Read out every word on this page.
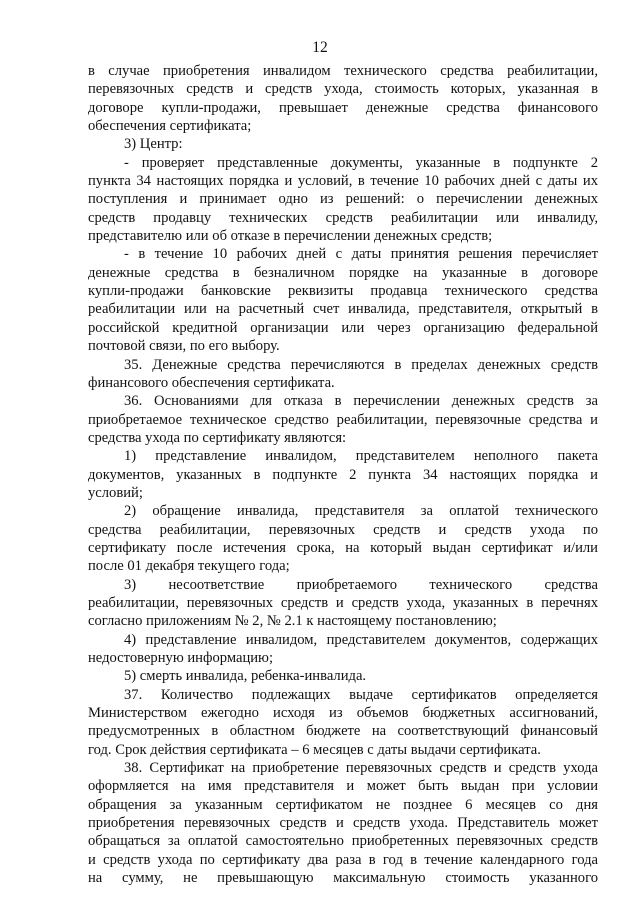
12
в случае приобретения инвалидом технического средства реабилитации,
перевязочных средств и средств ухода, стоимость которых, указанная в
договоре купли-продажи, превышает денежные средства финансового
обеспечения сертификата;
3) Центр:
- проверяет представленные документы, указанные в подпункте 2
пункта 34 настоящих порядка и условий, в течение 10 рабочих дней с даты их
поступления и принимает одно из решений: о перечислении денежных
средств продавцу технических средств реабилитации или инвалиду,
представителю или об отказе в перечислении денежных средств;
- в течение 10 рабочих дней с даты принятия решения перечисляет
денежные средства в безналичном порядке на указанные в договоре
купли-продажи банковские реквизиты продавца технического средства
реабилитации или на расчетный счет инвалида, представителя, открытый в
российской кредитной организации или через организацию федеральной
почтовой связи, по его выбору.
35. Денежные средства перечисляются в пределах денежных средств
финансового обеспечения сертификата.
36. Основаниями для отказа в перечислении денежных средств за
приобретаемое техническое средство реабилитации, перевязочные средства и
средства ухода по сертификату являются:
1) представление инвалидом, представителем неполного пакета
документов, указанных в подпункте 2 пункта 34 настоящих порядка и
условий;
2) обращение инвалида, представителя за оплатой технического
средства реабилитации, перевязочных средств и средств ухода по
сертификату после истечения срока, на который выдан сертификат и/или
после 01 декабря текущего года;
3) несоответствие приобретаемого технического средства
реабилитации, перевязочных средств и средств ухода, указанных в перечнях
согласно приложениям № 2, № 2.1 к настоящему постановлению;
4) представление инвалидом, представителем документов, содержащих
недостоверную информацию;
5) смерть инвалида, ребенка-инвалида.
37. Количество подлежащих выдаче сертификатов определяется
Министерством ежегодно исходя из объемов бюджетных ассигнований,
предусмотренных в областном бюджете на соответствующий финансовый
год. Срок действия сертификата – 6 месяцев с даты выдачи сертификата.
38. Сертификат на приобретение перевязочных средств и средств ухода
оформляется на имя представителя и может быть выдан при условии
обращения за указанным сертификатом не позднее 6 месяцев со дня
приобретения перевязочных средств и средств ухода. Представитель может
обращаться за оплатой самостоятельно приобретенных перевязочных средств
и средств ухода по сертификату два раза в год в течение календарного года
на сумму, не превышающую максимальную стоимость указанного
